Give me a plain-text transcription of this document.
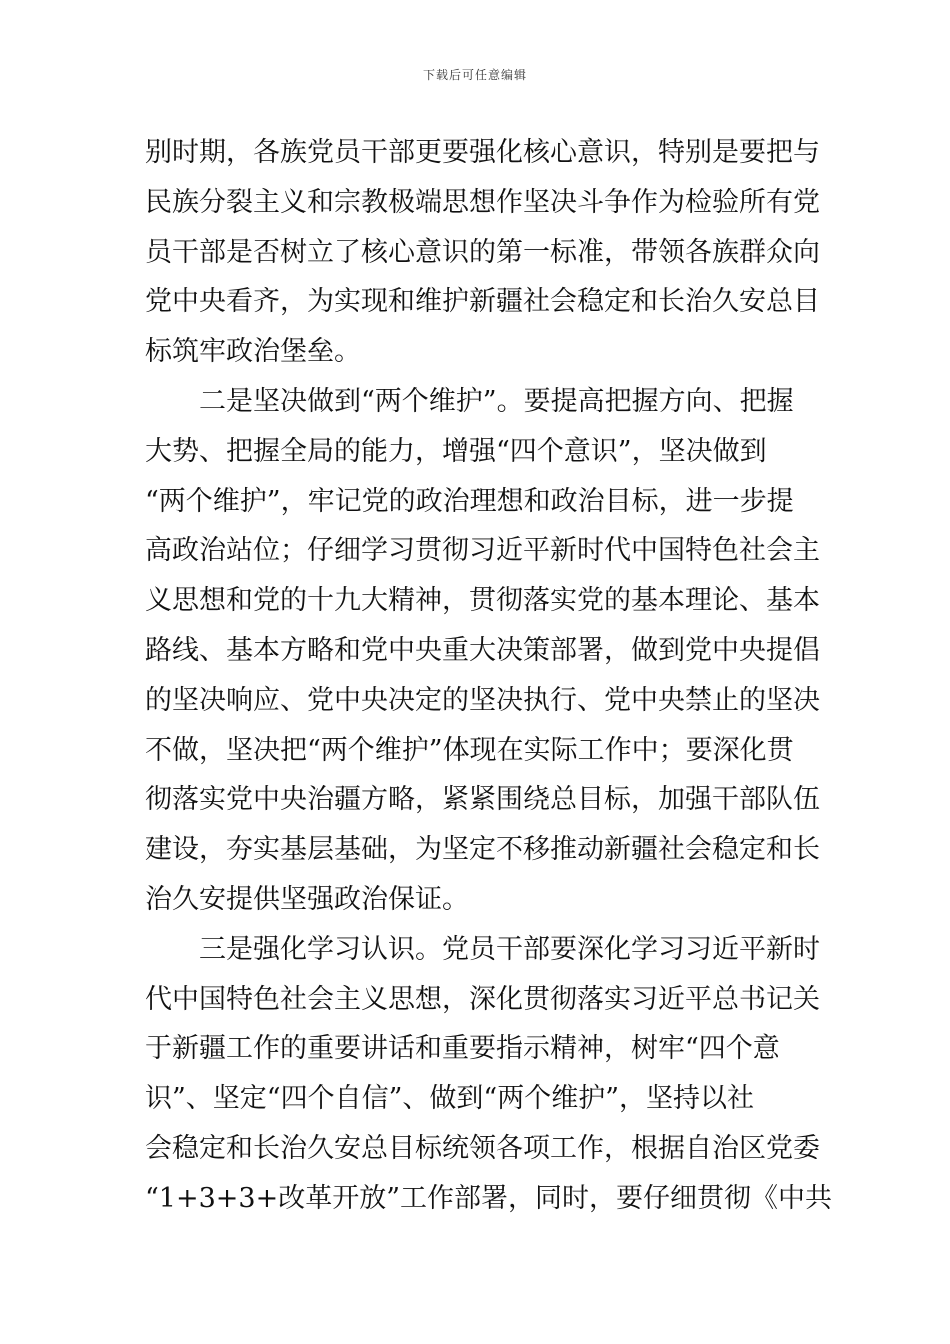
下载后可任意编辑
别时期，各族党员干部更要强化核心意识，特别是要把与
民族分裂主义和宗教极端思想作坚决斗争作为检验所有党
员干部是否树立了核心意识的第一标准，带领各族群众向
党中央看齐，为实现和维护新疆社会稳定和长治久安总目
标筑牢政治堡垒。
二是坚决做到“两个维护”。要提高把握方向、把握
大势、把握全局的能力，增强“四个意识”，坚决做到
“两个维护”，牢记党的政治理想和政治目标，进一步提
高政治站位；仔细学习贯彻习近平新时代中国特色社会主
义思想和党的十九大精神，贯彻落实党的基本理论、基本
路线、基本方略和党中央重大决策部署，做到党中央提倡
的坚决响应、党中央决定的坚决执行、党中央禁止的坚决
不做，坚决把“两个维护”体现在实际工作中；要深化贯
彻落实党中央治疆方略，紧紧围绕总目标，加强干部队伍
建设，夯实基层基础，为坚定不移推动新疆社会稳定和长
治久安提供坚强政治保证。
三是强化学习认识。党员干部要深化学习习近平新时
代中国特色社会主义思想，深化贯彻落实习近平总书记关
于新疆工作的重要讲话和重要指示精神，树牢“四个意
识”、坚定“四个自信”、做到“两个维护”，坚持以社
会稳定和长治久安总目标统领各项工作，根据自治区党委
“1+3+3+改革开放”工作部署，同时，要仔细贯彻《中共
